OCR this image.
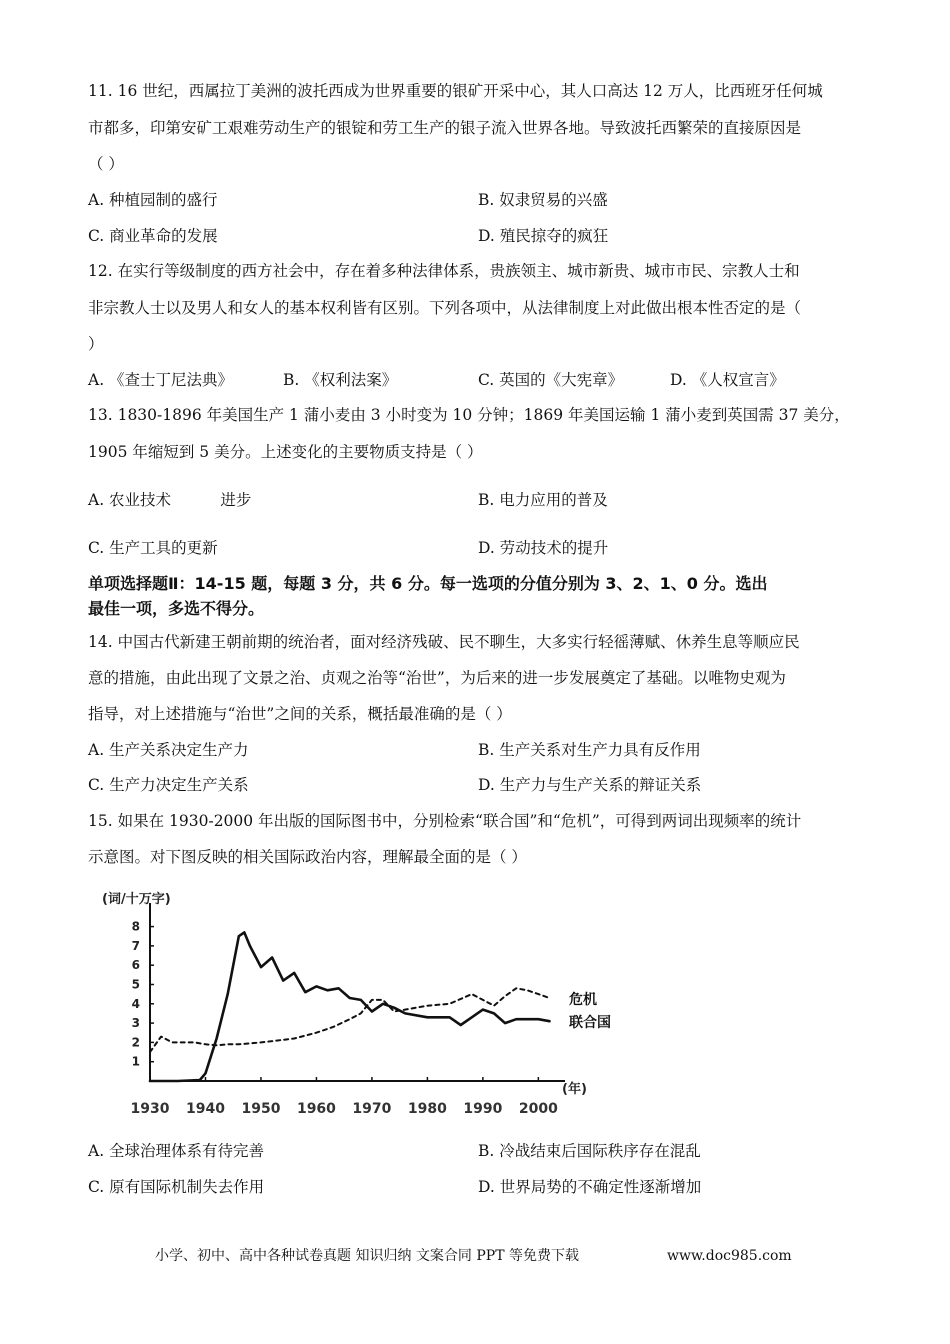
11. 16 世纪，西属拉丁美洲的波托西成为世界重要的银矿开采中心，其人口高达 12 万人，比西班牙任何城
市都多，印第安矿工艰难劳动生产的银锭和劳工生产的银子流入世界各地。导致波托西繁荣的直接原因是
（ ）
A. 种植园制的盛行	B. 奴隶贸易的兴盛
C. 商业革命的发展	D. 殖民掠夺的疯狂
12. 在实行等级制度的西方社会中，存在着多种法律体系，贵族领主、城市新贵、城市市民、宗教人士和
非宗教人士以及男人和女人的基本权利皆有区别。下列各项中，从法律制度上对此做出根本性否定的是（
）
A. 《查士丁尼法典》	B. 《权利法案》	C. 英国的《大宪章》	D. 《人权宣言》
13. 1830-1896 年美国生产 1 蒲小麦由 3 小时变为 10 分钟；1869 年美国运输 1 蒲小麦到英国需 37 美分，
1905 年缩短到 5 美分。上述变化的主要物质支持是（ ）
A. 农业技术          进步	B. 电力应用的普及
C. 生产工具的更新	D. 劳动技术的提升
单项选择题Ⅱ：14-15 题，每题 3 分，共 6 分。每一选项的分值分别为 3、2、1、0 分。选出
最佳一项，多选不得分。
14. 中国古代新建王朝前期的统治者，面对经济残破、民不聊生，大多实行轻徭薄赋、休养生息等顺应民
意的措施，由此出现了文景之治、贞观之治等“治世”，为后来的进一步发展奠定了基础。以唯物史观为
指导，对上述措施与“治世”之间的关系，概括最准确的是（ ）
A. 生产关系决定生产力	B. 生产关系对生产力具有反作用
C. 生产力决定生产关系	D. 生产力与生产关系的辩证关系
15. 如果在 1930-2000 年出版的国际图书中，分别检索“联合国”和“危机”，可得到两词出现频率的统计
示意图。对下图反映的相关国际政治内容，理解最全面的是（ ）
1
2
3
4
5
6
7
8
1930 1940 1950 1960 1970 1980 1990 2000
危机
联合国
(词/十万字)
(年)
A. 全球治理体系有待完善	B. 冷战结束后国际秩序存在混乱
C. 原有国际机制失去作用	D. 世界局势的不确定性逐渐增加
小学、初中、高中各种试卷真题 知识归纳 文案合同 PPT 等免费下载	www.doc985.com
